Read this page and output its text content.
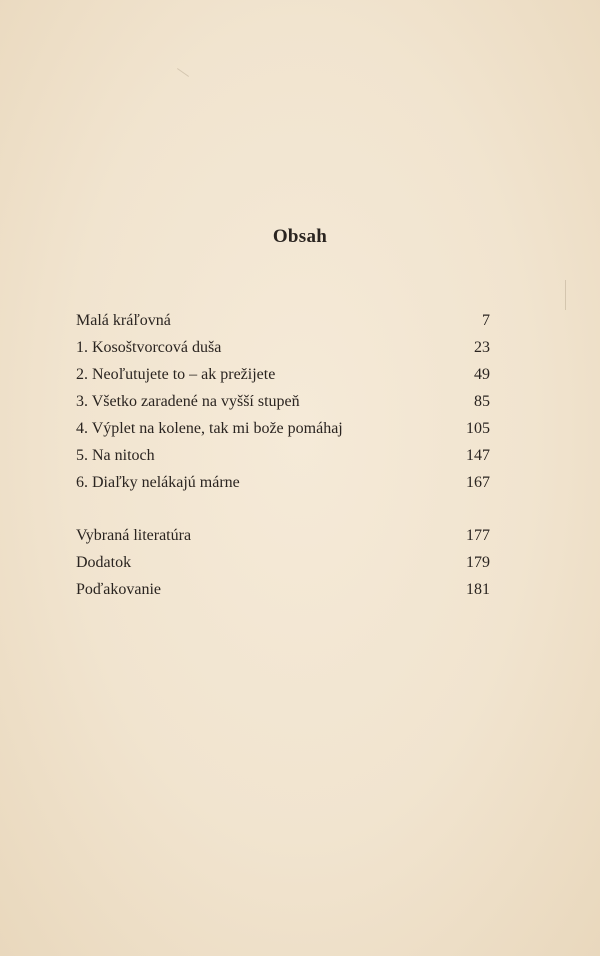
Obsah
Malá kráľovná	7
1. Kosoštvorcová duša	23
2. Neoľutujete to – ak prežijete	49
3. Všetko zaradené na vyšší stupeň	85
4. Výplet na kolene, tak mi bože pomáhaj	105
5. Na nitoch	147
6. Diaľky nelákajú márne	167
Vybraná literatúra	177
Dodatok	179
Poďakovanie	181
